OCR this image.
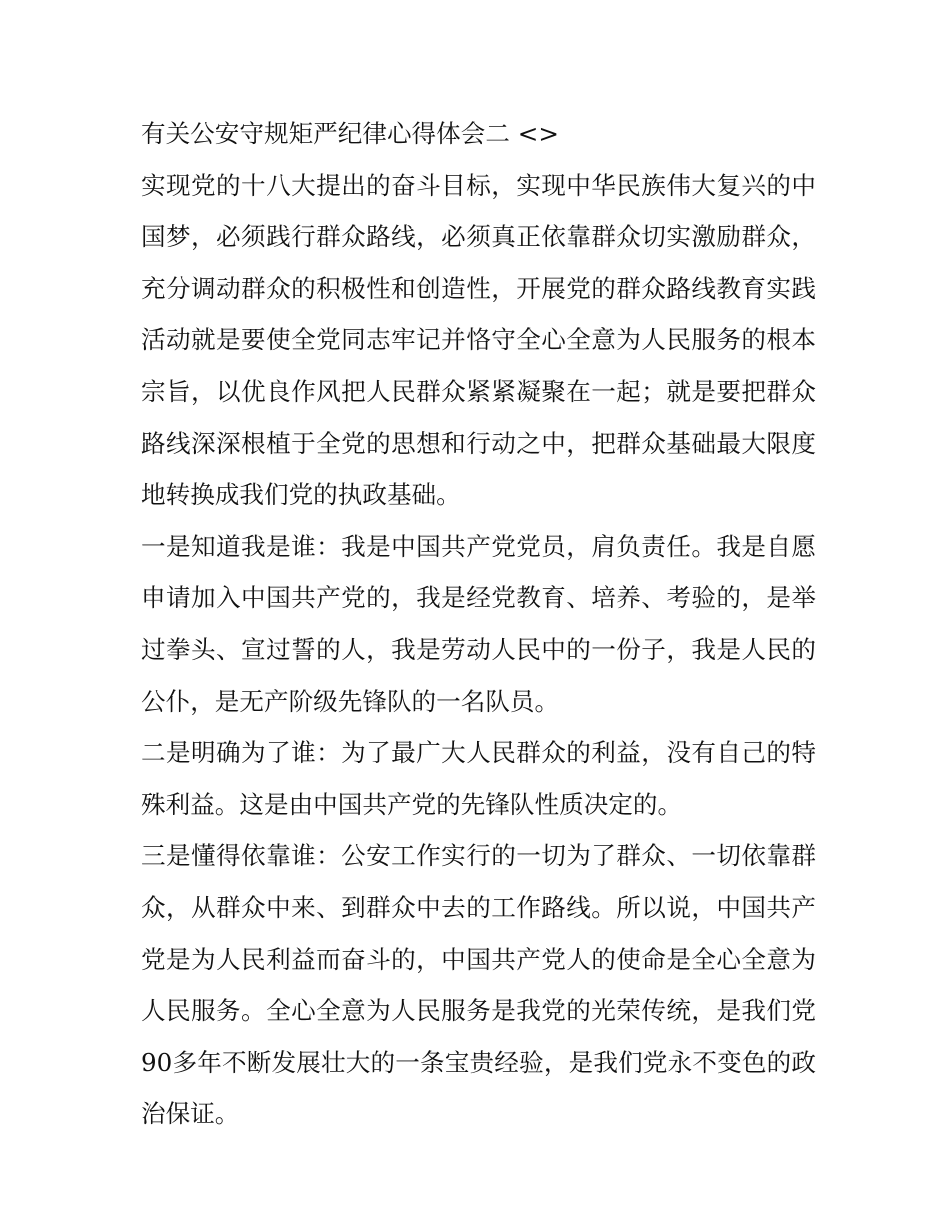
有关公安守规矩严纪律心得体会二 <>

实现党的十八大提出的奋斗目标，实现中华民族伟大复兴的中国梦，必须践行群众路线，必须真正依靠群众切实激励群众，充分调动群众的积极性和创造性，开展党的群众路线教育实践活动就是要使全党同志牢记并恪守全心全意为人民服务的根本宗旨，以优良作风把人民群众紧紧凝聚在一起；就是要把群众路线深深根植于全党的思想和行动之中，把群众基础最大限度地转换成我们党的执政基础。

一是知道我是谁：我是中国共产党党员，肩负责任。我是自愿申请加入中国共产党的，我是经党教育、培养、考验的，是举过拳头、宣过誓的人，我是劳动人民中的一份子，我是人民的公仆，是无产阶级先锋队的一名队员。

二是明确为了谁：为了最广大人民群众的利益，没有自己的特殊利益。这是由中国共产党的先锋队性质决定的。

三是懂得依靠谁：公安工作实行的一切为了群众、一切依靠群众，从群众中来、到群众中去的工作路线。所以说，中国共产党是为人民利益而奋斗的，中国共产党人的使命是全心全意为人民服务。全心全意为人民服务是我党的光荣传统，是我们党90多年不断发展壮大的一条宝贵经验，是我们党永不变色的政治保证。
